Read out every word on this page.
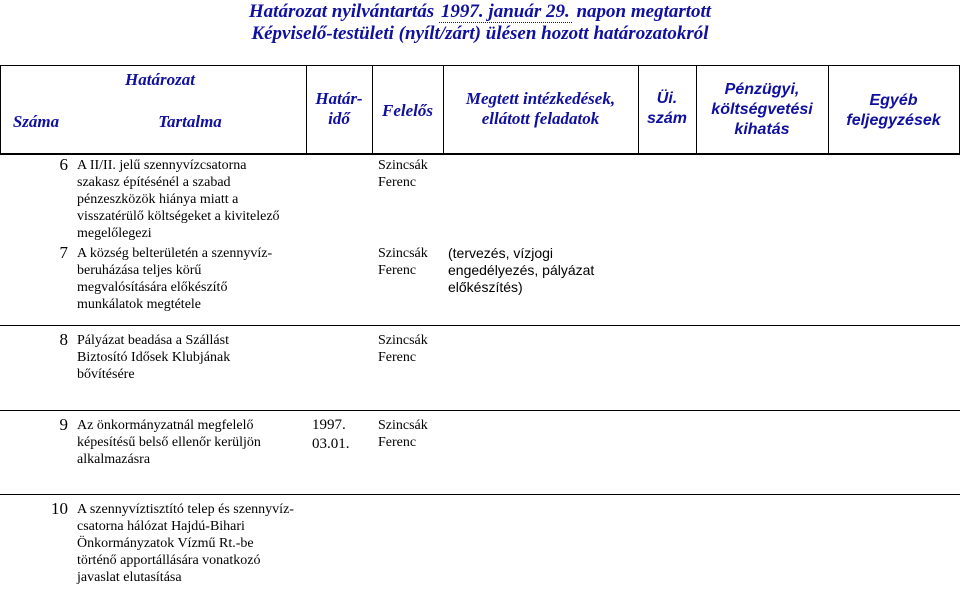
Határozat nyilvántartás 1997. január 29. napon megtartott
Képviselő-testületi (nyílt/zárt) ülésen hozott határozatokról
Határozat
Száma	Tartalma
Határ-
idő	Felelős
Megtett intézkedések,
ellátott feladatok
Üi.
szám
Pénzügyi,
költségvetési
kihatás
Egyéb
feljegyzések
6 A II/II. jelű szennyvízcsatorna
szakasz építésénél a szabad
pénzeszközök hiánya miatt a
visszatérülő költségeket a kivitelező
megelőlegezi
Szincsák
Ferenc
7 A község belterületén a szennyvíz-
beruházása teljes körű
megvalósítására előkészítő
munkálatok megtétele
Szincsák
Ferenc
(tervezés, vízjogi
engedélyezés, pályázat
előkészítés)
8 Pályázat beadása a Szállást
Biztosító Idősek Klubjának
bővítésére
Szincsák
Ferenc
9 Az önkormányzatnál megfelelő
képesítésű belső ellenőr kerüljön
alkalmazásra
1997.
03.01.
Szincsák
Ferenc
10 A szennyvíztisztító telep és szennyvíz-
csatorna hálózat Hajdú-Bihari
Önkormányzatok Vízmű Rt.-be
történő apportállására vonatkozó
javaslat elutasítása
